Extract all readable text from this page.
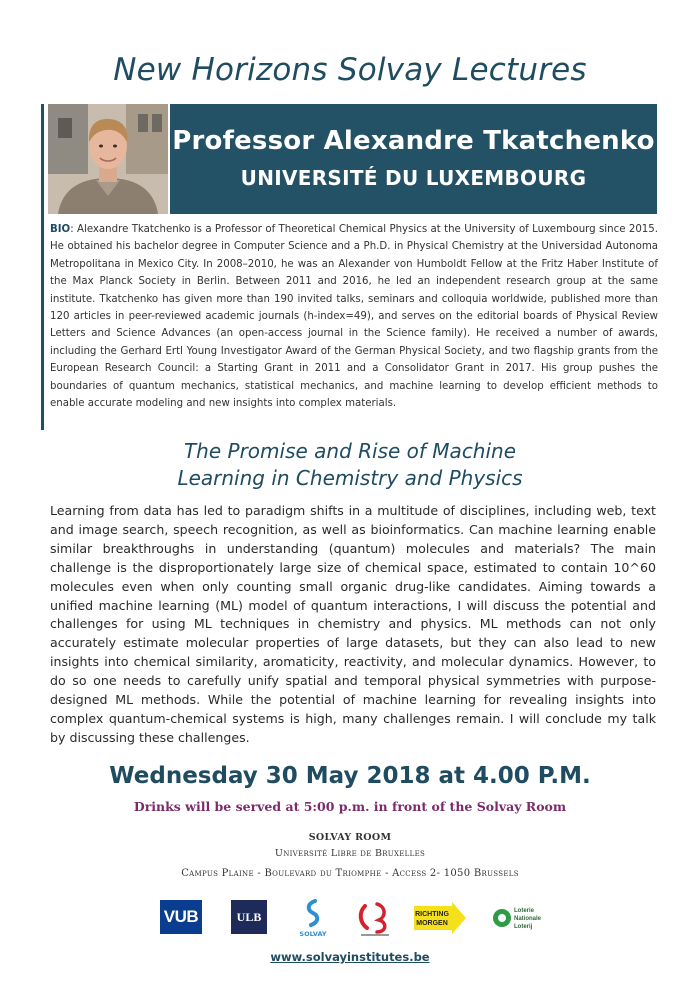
New Horizons Solvay Lectures
Professor Alexandre Tkatchenko
UNIVERSITÉ DU LUXEMBOURG
BIO: Alexandre Tkatchenko is a Professor of Theoretical Chemical Physics at the University of Luxembourg since 2015. He obtained his bachelor degree in Computer Science and a Ph.D. in Physical Chemistry at the Universidad Autonoma Metropolitana in Mexico City. In 2008–2010, he was an Alexander von Humboldt Fellow at the Fritz Haber Institute of the Max Planck Society in Berlin. Between 2011 and 2016, he led an independent research group at the same institute. Tkatchenko has given more than 190 invited talks, seminars and colloquia worldwide, published more than 120 articles in peer-reviewed academic journals (h-index=49), and serves on the editorial boards of Physical Review Letters and Science Advances (an open-access journal in the Science family). He received a number of awards, including the Gerhard Ertl Young Investigator Award of the German Physical Society, and two flagship grants from the European Research Council: a Starting Grant in 2011 and a Consolidator Grant in 2017. His group pushes the boundaries of quantum mechanics, statistical mechanics, and machine learning to develop efficient methods to enable accurate modeling and new insights into complex materials.
The Promise and Rise of Machine
Learning in Chemistry and Physics
Learning from data has led to paradigm shifts in a multitude of disciplines, including web, text and image search, speech recognition, as well as bioinformatics. Can machine learning enable similar breakthroughs in understanding (quantum) molecules and materials? The main challenge is the disproportionately large size of chemical space, estimated to contain 10^60 molecules even when only counting small organic drug-like candidates. Aiming towards a unified machine learning (ML) model of quantum interactions, I will discuss the potential and challenges for using ML techniques in chemistry and physics. ML methods can not only accurately estimate molecular properties of large datasets, but they can also lead to new insights into chemical similarity, aromaticity, reactivity, and molecular dynamics. However, to do so one needs to carefully unify spatial and temporal physical symmetries with purpose-designed ML methods. While the potential of machine learning for revealing insights into complex quantum-chemical systems is high, many challenges remain. I will conclude my talk by discussing these challenges.
Wednesday 30 May 2018 at 4.00 P.M.
Drinks will be served at 5:00 p.m. in front of the Solvay Room
SOLVAY ROOM
Université Libre de Bruxelles
Campus Plaine - Boulevard du Triomphe - Access 2- 1050 Brussels
VUB	ULB
SOLVAY
RICHTING
MORGEN
Loterie
Nationale
Loterij
www.solvayinstitutes.be
